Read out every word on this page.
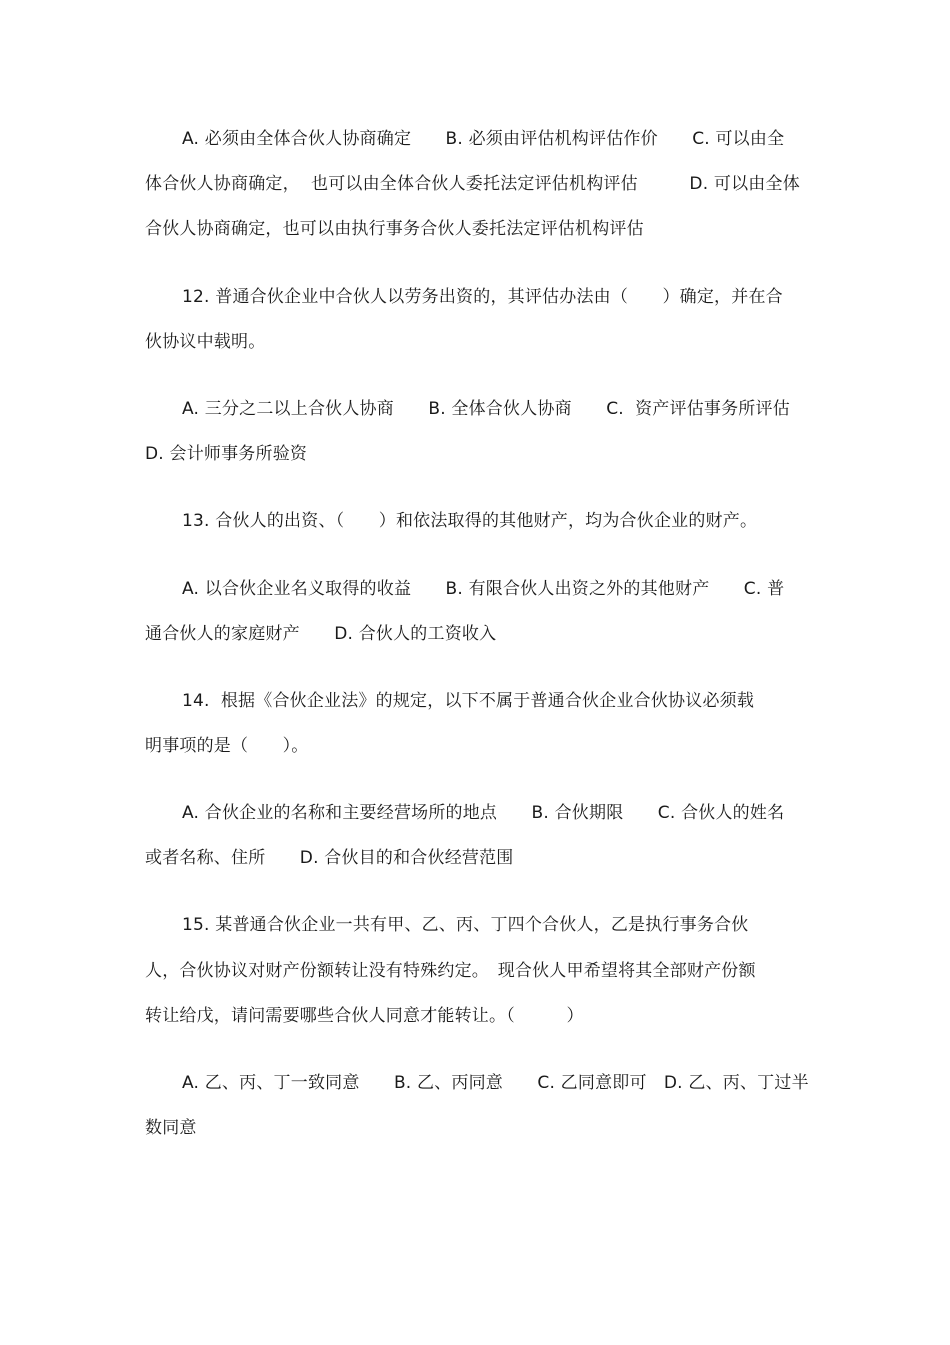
A. 必须由全体合伙人协商确定　　B. 必须由评估机构评估作价　　C. 可以由全
体合伙人协商确定，  也可以由全体合伙人委托法定评估机构评估　　　D. 可以由全体
合伙人协商确定，也可以由执行事务合伙人委托法定评估机构评估
12. 普通合伙企业中合伙人以劳务出资的，其评估办法由（　　）确定，并在合
伙协议中载明。
A. 三分之二以上合伙人协商　　B. 全体合伙人协商　　C.  资产评估事务所评估
D. 会计师事务所验资
13. 合伙人的出资、（　　）和依法取得的其他财产，均为合伙企业的财产。
A. 以合伙企业名义取得的收益　　B. 有限合伙人出资之外的其他财产　　C. 普
通合伙人的家庭财产　　D. 合伙人的工资收入
14.  根据《合伙企业法》的规定，以下不属于普通合伙企业合伙协议必须载
明事项的是（　　）。
A. 合伙企业的名称和主要经营场所的地点　　B. 合伙期限　　C. 合伙人的姓名
或者名称、住所　　D. 合伙目的和合伙经营范围
15. 某普通合伙企业一共有甲、乙、丙、丁四个合伙人，乙是执行事务合伙
人，合伙协议对财产份额转让没有特殊约定。　现合伙人甲希望将其全部财产份额
转让给戊，请问需要哪些合伙人同意才能转让。（　　　）
A. 乙、丙、丁一致同意　　B. 乙、丙同意　　C. 乙同意即可　D. 乙、丙、丁过半
数同意
